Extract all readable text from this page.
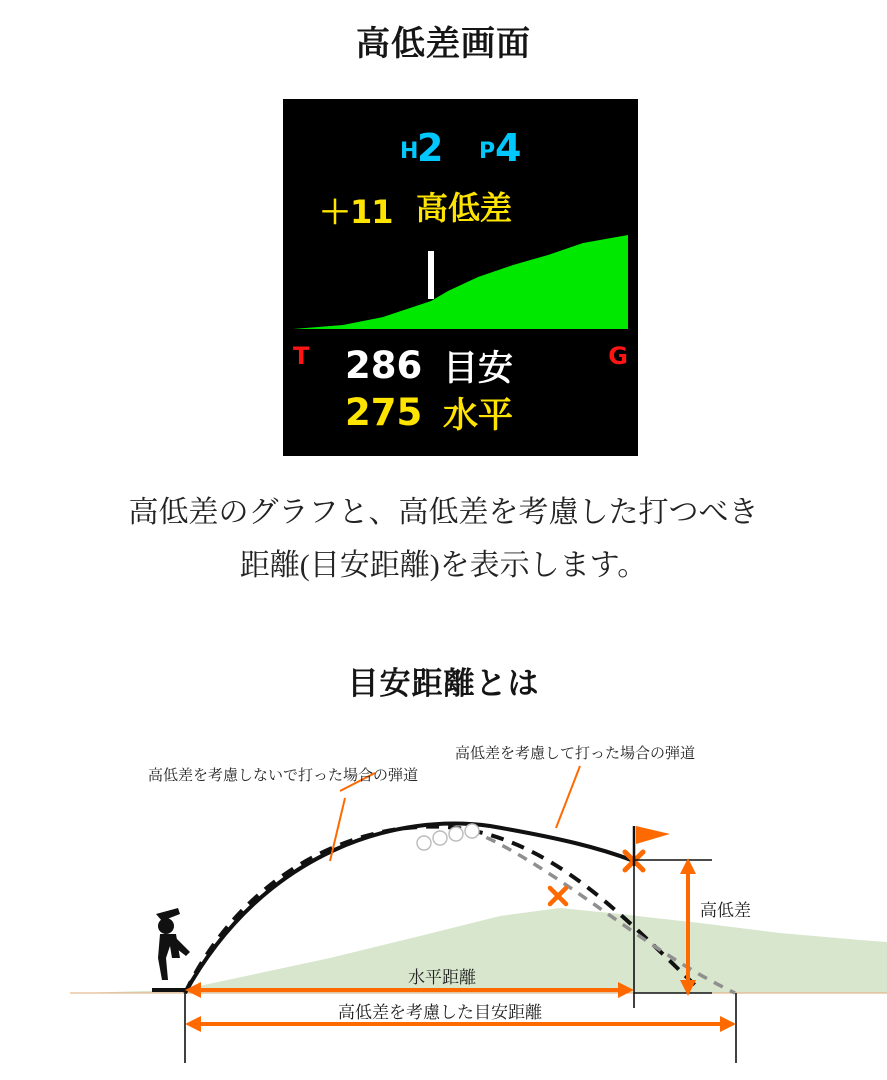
高低差画面
H
2 P 4
＋11 高低差
T	G
286 目安
275 水平
高低差のグラフと、高低差を考慮した打つべき
距離(目安距離)を表示します。
目安距離とは
高低差を考慮しないで打った場合の弾道
高低差を考慮して打った場合の弾道
高低差
水平距離
高低差を考慮した目安距離
